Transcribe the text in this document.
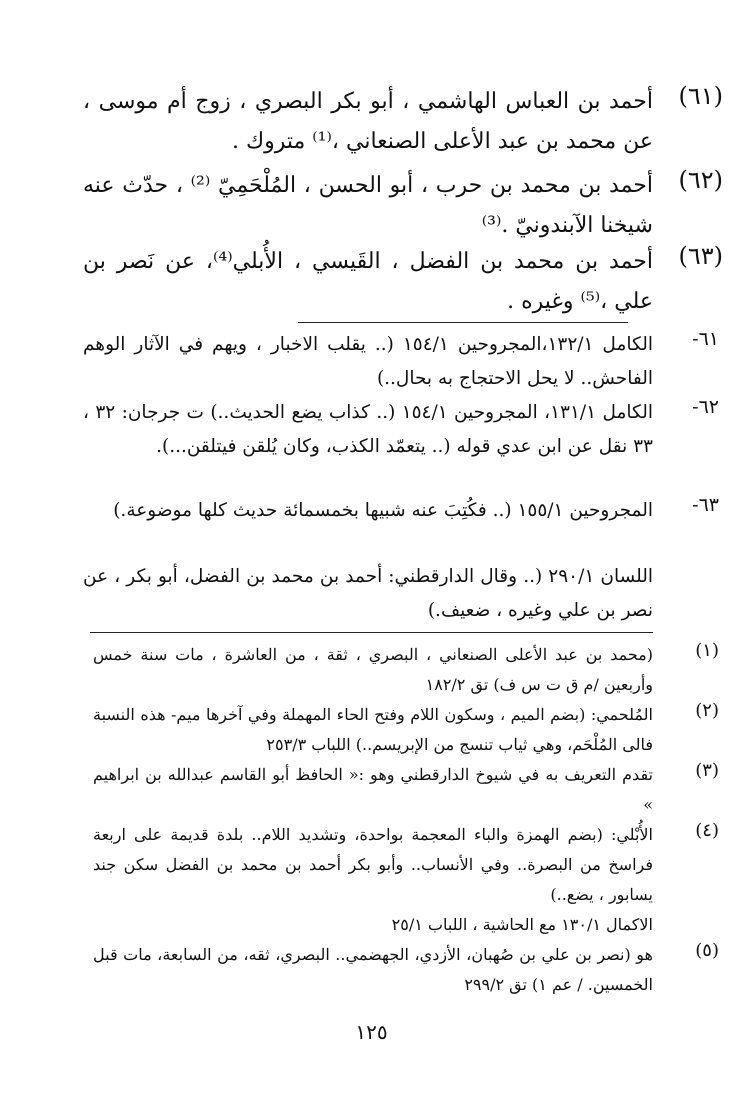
(٦١)
أحمد بن العباس الهاشمي ، أبو بكر البصري ، زوج أم موسى ، عن محمد بن عبد الأعلى الصنعاني ،⁽¹⁾ متروك .
(٦٢)
أحمد بن محمد بن حرب ، أبو الحسن ، المُلْحَمِيّ ⁽²⁾ ، حدّث عنه شيخنا الآبندونيّ .⁽³⁾
(٦٣)
أحمد بن محمد بن الفضل ، القَيسي ، الأُبلي⁽⁴⁾، عن نَصر بن علي ،⁽⁵⁾ وغيره .
٦١-
الكامل ١٣٢/١،المجروحين ١٥٤/١ (.. يقلب الاخبار ، ويهم في الآثار الوهم الفاحش.. لا يحل الاحتجاج به بحال..)
٦٢-
الكامل ١٣١/١، المجروحين ١٥٤/١ (.. كذاب يضع الحديث..) ت جرجان: ٣٢ ، ٣٣ نقل عن ابن عدي قوله (.. يتعمّد الكذب، وكان يُلقن فيتلقن...).
٦٣-
المجروحين ١٥٥/١ (.. فكُتِبَ عنه شبيها بخمسمائة حديث كلها موضوعة.)
اللسان ٢٩٠/١ (.. وقال الدارقطني: أحمد بن محمد بن الفضل، أبو بكر ، عن نصر بن علي وغيره ، ضعيف.)
(١)
(محمد بن عبد الأعلى الصنعاني ، البصري ، ثقة ، من العاشرة ، مات سنة خمس وأربعين /م ق ت س ف) تق ١٨٢/٢
(٢)
المُلحمي: (بضم الميم ، وسكون اللام وفتح الحاء المهملة وفي آخرها ميم- هذه النسبة فالى المُلْحَم، وهي ثياب تنسج من الإبريسم..) اللباب ٢٥٣/٣
(٣)
تقدم التعريف به في شيوخ الدارقطني وهو :« الحافظ أبو القاسم عبدالله بن ابراهيم »
(٤)
الأُبْلي: (بضم الهمزة والباء المعجمة بواحدة، وتشديد اللام.. بلدة قديمة على اربعة فراسخ من البصرة.. وفي الأنساب.. وأبو بكر أحمد بن محمد بن الفضل سكن جند يسابور ، يضع..)
الاكمال ١٣٠/١ مع الحاشية ، اللباب ٢٥/١
(٥)
هو (نصر بن علي بن صُهبان، الأزدي، الجهضمي.. البصري، ثقه، من السابعة، مات قبل الخمسين. / عم ١) تق ٢٩٩/٢
١٢٥
